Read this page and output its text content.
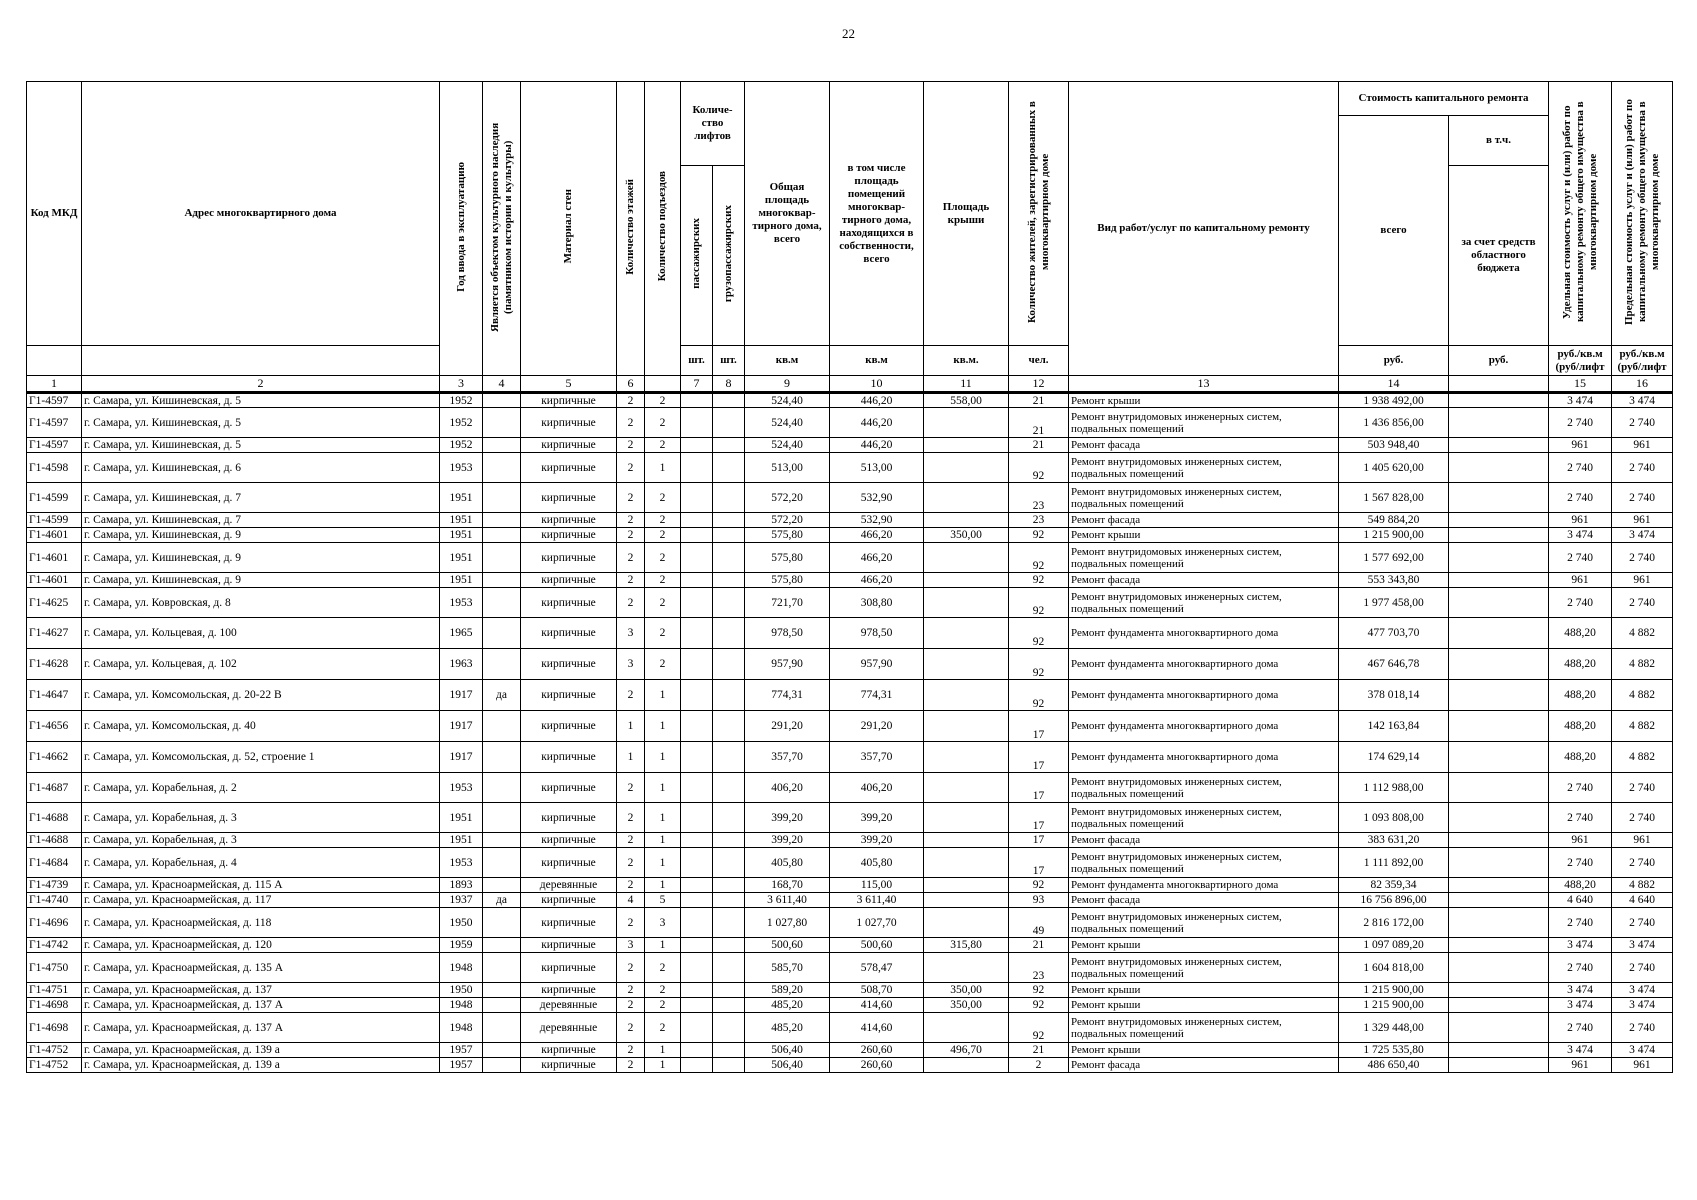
22
Код МКД	Адрес многоквартирного дома	Год ввода в эксплуатацию	Является объектом культурного наследия (памятником истории и культуры)	Материал стен	Количество этажей	Количество подъездов	Количе-ство лифтов		Общая площадь многоквар-тирного дома, всего	в том числе площадь помещений многоквар-тирного дома, находящихся в собственности, всего	Площадь крыши	Количество жителей, зарегистрированных в многоквартирном доме	Вид работ/услуг по капитальному ремонту	Стоимость капитального ремонта		Удельная стоимость услуг и (или) работ по капитальному ремонту общего имущества в многоквартирном доме	Предельная стоимость услуг и (или) работ по капитальному ремонту общего имущества в многоквартирном доме
														всего	в т.ч.		
							пассажирских	грузопассажирских							за счет средств областного бюджета		
							шт.	шт.	кв.м	кв.м	кв.м.	чел.		руб.	руб.	руб./кв.м (руб/лифт	руб./кв.м (руб/лифт
1	2	3	4	5	6		7	8	9	10	11	12	13	14		15	16
Г1-4597	г. Самара, ул. Кишиневская, д. 5	1952		кирпичные	2	2			524,40	446,20	558,00	21	Ремонт крыши	1 938 492,00		3 474	3 474
Г1-4597	г. Самара, ул. Кишиневская, д. 5	1952		кирпичные	2	2			524,40	446,20		21	Ремонт внутридомовых инженерных систем, подвальных помещений	1 436 856,00		2 740	2 740
Г1-4597	г. Самара, ул. Кишиневская, д. 5	1952		кирпичные	2	2			524,40	446,20		21	Ремонт фасада	503 948,40		961	961
Г1-4598	г. Самара, ул. Кишиневская, д. 6	1953		кирпичные	2	1			513,00	513,00		92	Ремонт внутридомовых инженерных систем, подвальных помещений	1 405 620,00		2 740	2 740
Г1-4599	г. Самара, ул. Кишиневская, д. 7	1951		кирпичные	2	2			572,20	532,90		23	Ремонт внутридомовых инженерных систем, подвальных помещений	1 567 828,00		2 740	2 740
Г1-4599	г. Самара, ул. Кишиневская, д. 7	1951		кирпичные	2	2			572,20	532,90		23	Ремонт фасада	549 884,20		961	961
Г1-4601	г. Самара, ул. Кишиневская, д. 9	1951		кирпичные	2	2			575,80	466,20	350,00	92	Ремонт крыши	1 215 900,00		3 474	3 474
Г1-4601	г. Самара, ул. Кишиневская, д. 9	1951		кирпичные	2	2			575,80	466,20		92	Ремонт внутридомовых инженерных систем, подвальных помещений	1 577 692,00		2 740	2 740
Г1-4601	г. Самара, ул. Кишиневская, д. 9	1951		кирпичные	2	2			575,80	466,20		92	Ремонт фасада	553 343,80		961	961
Г1-4625	г. Самара, ул. Ковровская, д. 8	1953		кирпичные	2	2			721,70	308,80		92	Ремонт внутридомовых инженерных систем, подвальных помещений	1 977 458,00		2 740	2 740
Г1-4627	г. Самара, ул. Кольцевая, д. 100	1965		кирпичные	3	2			978,50	978,50		92	Ремонт фундамента многоквартирного дома	477 703,70		488,20	4 882
Г1-4628	г. Самара, ул. Кольцевая, д. 102	1963		кирпичные	3	2			957,90	957,90		92	Ремонт фундамента многоквартирного дома	467 646,78		488,20	4 882
Г1-4647	г. Самара, ул. Комсомольская, д. 20-22 В	1917	да	кирпичные	2	1			774,31	774,31		92	Ремонт фундамента многоквартирного дома	378 018,14		488,20	4 882
Г1-4656	г. Самара, ул. Комсомольская, д. 40	1917		кирпичные	1	1			291,20	291,20		17	Ремонт фундамента многоквартирного дома	142 163,84		488,20	4 882
Г1-4662	г. Самара, ул. Комсомольская, д. 52, строение 1	1917		кирпичные	1	1			357,70	357,70		17	Ремонт фундамента многоквартирного дома	174 629,14		488,20	4 882
Г1-4687	г. Самара, ул. Корабельная, д. 2	1953		кирпичные	2	1			406,20	406,20		17	Ремонт внутридомовых инженерных систем, подвальных помещений	1 112 988,00		2 740	2 740
Г1-4688	г. Самара, ул. Корабельная, д. 3	1951		кирпичные	2	1			399,20	399,20		17	Ремонт внутридомовых инженерных систем, подвальных помещений	1 093 808,00		2 740	2 740
Г1-4688	г. Самара, ул. Корабельная, д. 3	1951		кирпичные	2	1			399,20	399,20		17	Ремонт фасада	383 631,20		961	961
Г1-4684	г. Самара, ул. Корабельная, д. 4	1953		кирпичные	2	1			405,80	405,80		17	Ремонт внутридомовых инженерных систем, подвальных помещений	1 111 892,00		2 740	2 740
Г1-4739	г. Самара, ул. Красноармейская, д. 115 А	1893		деревянные	2	1			168,70	115,00		92	Ремонт фундамента многоквартирного дома	82 359,34		488,20	4 882
Г1-4740	г. Самара, ул. Красноармейская, д. 117	1937	да	кирпичные	4	5			3 611,40	3 611,40		93	Ремонт фасада	16 756 896,00		4 640	4 640
Г1-4696	г. Самара, ул. Красноармейская, д. 118	1950		кирпичные	2	3			1 027,80	1 027,70		49	Ремонт внутридомовых инженерных систем, подвальных помещений	2 816 172,00		2 740	2 740
Г1-4742	г. Самара, ул. Красноармейская, д. 120	1959		кирпичные	3	1			500,60	500,60	315,80	21	Ремонт крыши	1 097 089,20		3 474	3 474
Г1-4750	г. Самара, ул. Красноармейская, д. 135 А	1948		кирпичные	2	2			585,70	578,47		23	Ремонт внутридомовых инженерных систем, подвальных помещений	1 604 818,00		2 740	2 740
Г1-4751	г. Самара, ул. Красноармейская, д. 137	1950		кирпичные	2	2			589,20	508,70	350,00	92	Ремонт крыши	1 215 900,00		3 474	3 474
Г1-4698	г. Самара, ул. Красноармейская, д. 137 А	1948		деревянные	2	2			485,20	414,60	350,00	92	Ремонт крыши	1 215 900,00		3 474	3 474
Г1-4698	г. Самара, ул. Красноармейская, д. 137 А	1948		деревянные	2	2			485,20	414,60		92	Ремонт внутридомовых инженерных систем, подвальных помещений	1 329 448,00		2 740	2 740
Г1-4752	г. Самара, ул. Красноармейская, д. 139 а	1957		кирпичные	2	1			506,40	260,60	496,70	21	Ремонт крыши	1 725 535,80		3 474	3 474
Г1-4752	г. Самара, ул. Красноармейская, д. 139 а	1957		кирпичные	2	1			506,40	260,60		2	Ремонт фасада	486 650,40		961	961
